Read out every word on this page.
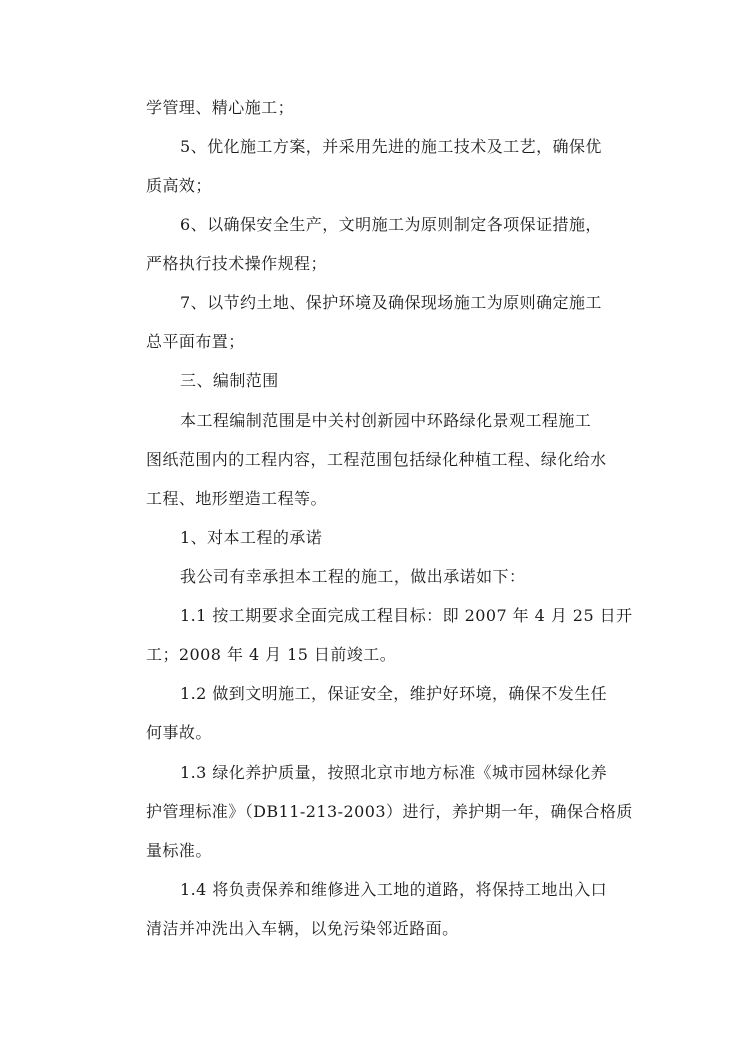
学管理、精心施工；
5、优化施工方案，并采用先进的施工技术及工艺，确保优
质高效；
6、以确保安全生产，文明施工为原则制定各项保证措施，
严格执行技术操作规程；
7、以节约土地、保护环境及确保现场施工为原则确定施工
总平面布置；
三、编制范围
本工程编制范围是中关村创新园中环路绿化景观工程施工
图纸范围内的工程内容，工程范围包括绿化种植工程、绿化给水
工程、地形塑造工程等。
1、对本工程的承诺
我公司有幸承担本工程的施工，做出承诺如下：
1.1 按工期要求全面完成工程目标：即 2007 年 4 月 25 日开
工；2008 年 4 月 15 日前竣工。
1.2 做到文明施工，保证安全，维护好环境，确保不发生任
何事故。
1.3 绿化养护质量，按照北京市地方标准《城市园林绿化养
护管理标准》（DB11-213-2003）进行，养护期一年，确保合格质
量标准。
1.4 将负责保养和维修进入工地的道路，将保持工地出入口
清洁并冲洗出入车辆，以免污染邻近路面。
